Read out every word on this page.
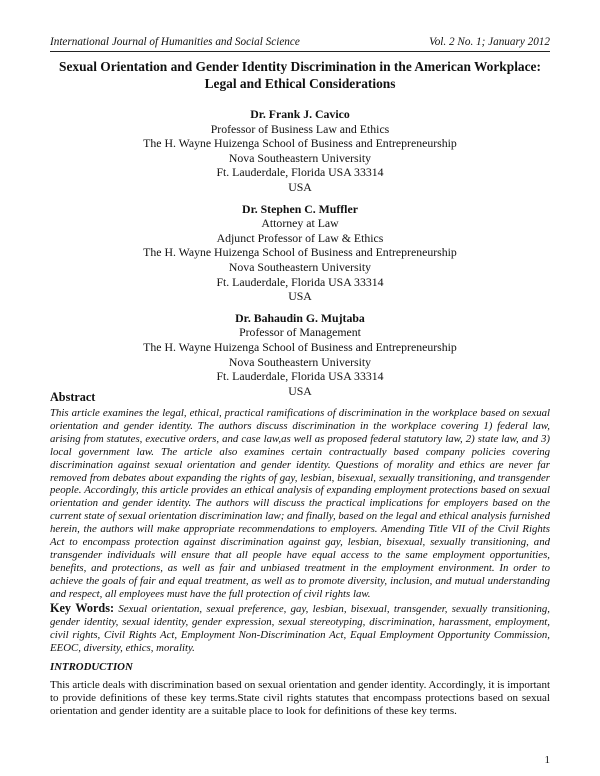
International Journal of Humanities and Social Science	Vol. 2 No. 1; January 2012
Sexual Orientation and Gender Identity Discrimination in the American Workplace:
Legal and Ethical Considerations
Dr. Frank J. Cavico
Professor of Business Law and Ethics
The H. Wayne Huizenga School of Business and Entrepreneurship
Nova Southeastern University
Ft. Lauderdale, Florida USA 33314
USA
Dr. Stephen C. Muffler
Attorney at Law
Adjunct Professor of Law & Ethics
The H. Wayne Huizenga School of Business and Entrepreneurship
Nova Southeastern University
Ft. Lauderdale, Florida USA 33314
USA
Dr. Bahaudin G. Mujtaba
Professor of Management
The H. Wayne Huizenga School of Business and Entrepreneurship
Nova Southeastern University
Ft. Lauderdale, Florida USA 33314
USA
Abstract
This article examines the legal, ethical, practical ramifications of discrimination in the workplace based on sexual orientation and gender identity. The authors discuss discrimination in the workplace covering 1) federal law, arising from statutes, executive orders, and case law,as well as proposed federal statutory law, 2) state law, and 3) local government law. The article also examines certain contractually based company policies covering discrimination against sexual orientation and gender identity. Questions of morality and ethics are never far removed from debates about expanding the rights of gay, lesbian, bisexual, sexually transitioning, and transgender people. Accordingly, this article provides an ethical analysis of expanding employment protections based on sexual orientation and gender identity. The authors will discuss the practical implications for employers based on the current state of sexual orientation discrimination law; and finally, based on the legal and ethical analysis furnished herein, the authors will make appropriate recommendations to employers. Amending Title VII of the Civil Rights Act to encompass protection against discrimination against gay, lesbian, bisexual, sexually transitioning, and transgender individuals will ensure that all people have equal access to the same employment opportunities, benefits, and protections, as well as fair and unbiased treatment in the employment environment. In order to achieve the goals of fair and equal treatment, as well as to promote diversity, inclusion, and mutual understanding and respect, all employees must have the full protection of civil rights law.
Key Words: Sexual orientation, sexual preference, gay, lesbian, bisexual, transgender, sexually transitioning, gender identity, sexual identity, gender expression, sexual stereotyping, discrimination, harassment, employment, civil rights, Civil Rights Act, Employment Non-Discrimination Act, Equal Employment Opportunity Commission, EEOC, diversity, ethics, morality.
INTRODUCTION
This article deals with discrimination based on sexual orientation and gender identity. Accordingly, it is important to provide definitions of these key terms.State civil rights statutes that encompass protections based on sexual orientation and gender identity are a suitable place to look for definitions of these key terms.
1
